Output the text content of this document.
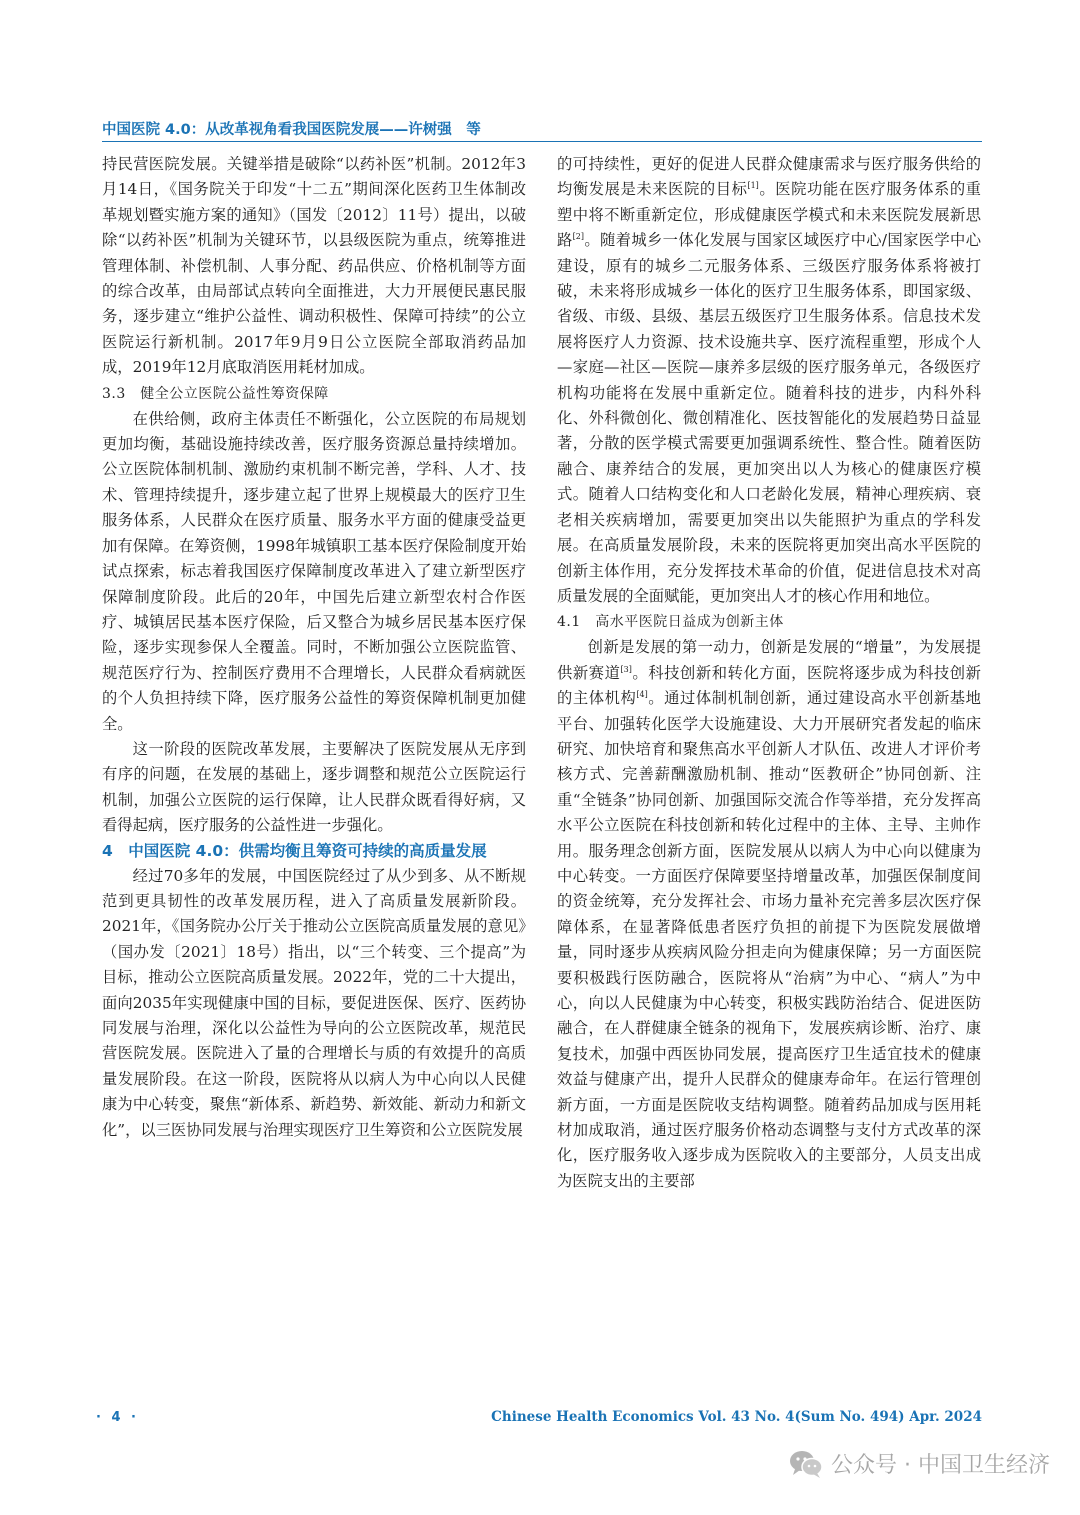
中国医院 4.0：从改革视角看我国医院发展——许树强　等

持民营医院发展。关键举措是破除“以药补医”机制。2012年3月14日，《国务院关于印发“十二五”期间深化医药卫生体制改革规划暨实施方案的通知》（国发〔2012〕11号）提出，以破除“以药补医”机制为关键环节，以县级医院为重点，统筹推进管理体制、补偿机制、人事分配、药品供应、价格机制等方面的综合改革，由局部试点转向全面推进，大力开展便民惠民服务，逐步建立“维护公益性、调动积极性、保障可持续”的公立医院运行新机制。2017年9月9日公立医院全部取消药品加成，2019年12月底取消医用耗材加成。

3.3　健全公立医院公益性筹资保障

在供给侧，政府主体责任不断强化，公立医院的布局规划更加均衡，基础设施持续改善，医疗服务资源总量持续增加。公立医院体制机制、激励约束机制不断完善，学科、人才、技术、管理持续提升，逐步建立起了世界上规模最大的医疗卫生服务体系，人民群众在医疗质量、服务水平方面的健康受益更加有保障。在筹资侧，1998年城镇职工基本医疗保险制度开始试点探索，标志着我国医疗保障制度改革进入了建立新型医疗保障制度阶段。此后的20年，中国先后建立新型农村合作医疗、城镇居民基本医疗保险，后又整合为城乡居民基本医疗保险，逐步实现参保人全覆盖。同时，不断加强公立医院监管、规范医疗行为、控制医疗费用不合理增长，人民群众看病就医的个人负担持续下降，医疗服务公益性的筹资保障机制更加健全。

这一阶段的医院改革发展，主要解决了医院发展从无序到有序的问题，在发展的基础上，逐步调整和规范公立医院运行机制，加强公立医院的运行保障，让人民群众既看得好病，又看得起病，医疗服务的公益性进一步强化。

4　中国医院 4.0：供需均衡且筹资可持续的高质量发展

经过70多年的发展，中国医院经过了从少到多、从不断规范到更具韧性的改革发展历程，进入了高质量发展新阶段。2021年，《国务院办公厅关于推动公立医院高质量发展的意见》（国办发〔2021〕18号）指出，以“三个转变、三个提高”为目标，推动公立医院高质量发展。2022年，党的二十大提出，面向2035年实现健康中国的目标，要促进医保、医疗、医药协同发展与治理，深化以公益性为导向的公立医院改革，规范民营医院发展。医院进入了量的合理增长与质的有效提升的高质量发展阶段。在这一阶段，医院将从以病人为中心向以人民健康为中心转变，聚焦“新体系、新趋势、新效能、新动力和新文化”，以三医协同发展与治理实现医疗卫生筹资和公立医院发展

的可持续性，更好的促进人民群众健康需求与医疗服务供给的均衡发展是未来医院的目标[1]。医院功能在医疗服务体系的重塑中将不断重新定位，形成健康医学模式和未来医院发展新思路[2]。随着城乡一体化发展与国家区域医疗中心/国家医学中心建设，原有的城乡二元服务体系、三级医疗服务体系将被打破，未来将形成城乡一体化的医疗卫生服务体系，即国家级、省级、市级、县级、基层五级医疗卫生服务体系。信息技术发展将医疗人力资源、技术设施共享、医疗流程重塑，形成个人—家庭—社区—医院—康养多层级的医疗服务单元，各级医疗机构功能将在发展中重新定位。随着科技的进步，内科外科化、外科微创化、微创精准化、医技智能化的发展趋势日益显著，分散的医学模式需要更加强调系统性、整合性。随着医防融合、康养结合的发展，更加突出以人为核心的健康医疗模式。随着人口结构变化和人口老龄化发展，精神心理疾病、衰老相关疾病增加，需要更加突出以失能照护为重点的学科发展。在高质量发展阶段，未来的医院将更加突出高水平医院的创新主体作用，充分发挥技术革命的价值，促进信息技术对高质量发展的全面赋能，更加突出人才的核心作用和地位。

4.1　高水平医院日益成为创新主体

创新是发展的第一动力，创新是发展的“增量”，为发展提供新赛道[3]。科技创新和转化方面，医院将逐步成为科技创新的主体机构[4]。通过体制机制创新，通过建设高水平创新基地平台、加强转化医学大设施建设、大力开展研究者发起的临床研究、加快培育和聚焦高水平创新人才队伍、改进人才评价考核方式、完善薪酬激励机制、推动“医教研企”协同创新、注重“全链条”协同创新、加强国际交流合作等举措，充分发挥高水平公立医院在科技创新和转化过程中的主体、主导、主帅作用。服务理念创新方面，医院发展从以病人为中心向以健康为中心转变。一方面医疗保障要坚持增量改革，加强医保制度间的资金统筹，充分发挥社会、市场力量补充完善多层次医疗保障体系，在显著降低患者医疗负担的前提下为医院发展做增量，同时逐步从疾病风险分担走向为健康保障；另一方面医院要积极践行医防融合，医院将从“治病”为中心、“病人”为中心，向以人民健康为中心转变，积极实践防治结合、促进医防融合，在人群健康全链条的视角下，发展疾病诊断、治疗、康复技术，加强中西医协同发展，提高医疗卫生适宜技术的健康效益与健康产出，提升人民群众的健康寿命年。在运行管理创新方面，一方面是医院收支结构调整。随着药品加成与医用耗材加成取消，通过医疗服务价格动态调整与支付方式改革的深化，医疗服务收入逐步成为医院收入的主要部分，人员支出成为医院支出的主要部

· 4 ·	Chinese Health Economics Vol. 43 No. 4(Sum No. 494) Apr. 2024
公众号 · 中国卫生经济
